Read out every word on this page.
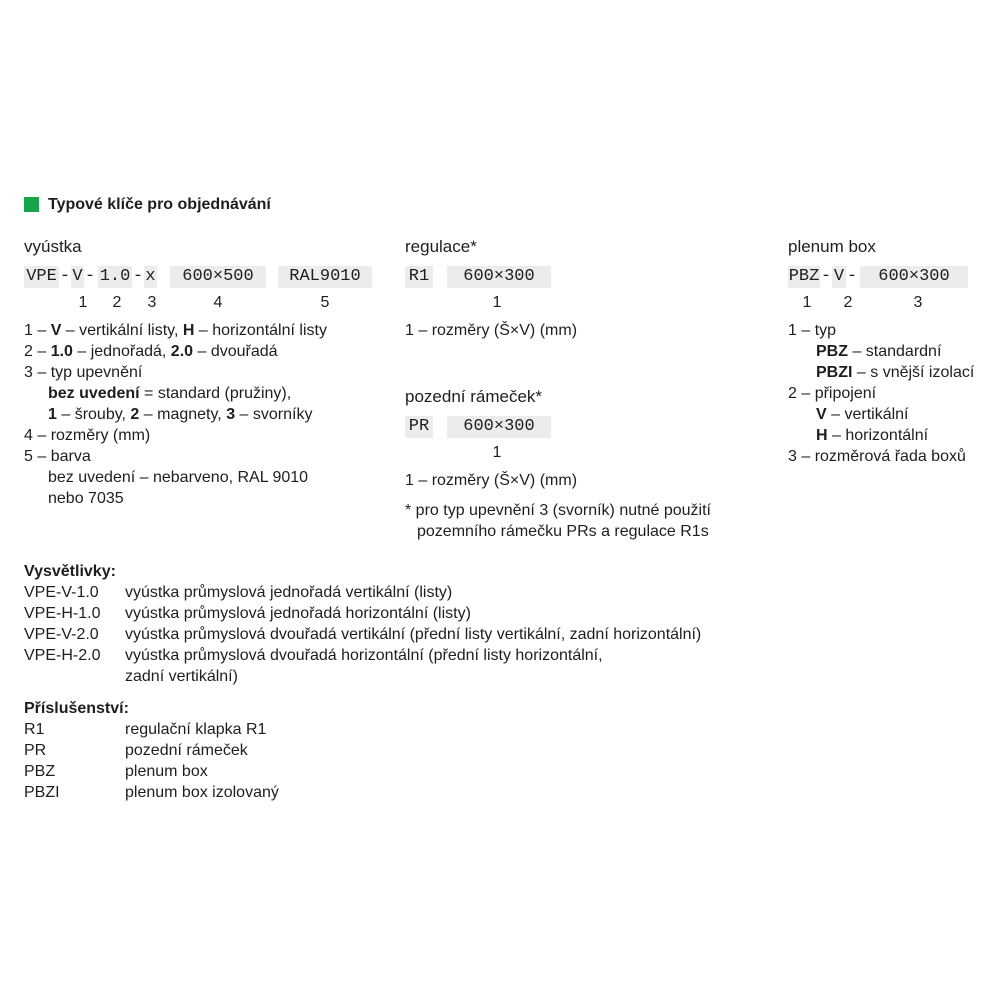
Typové klíče pro objednávání
vyústka
VPE - V - 1.0 - x	600×500	RAL9010
1 2 3	4	5
1 – V – vertikální listy, H – horizontální listy
2 – 1.0 – jednořadá, 2.0 – dvouřadá
3 – typ upevnění
bez uvedení = standard (pružiny),
1 – šrouby, 2 – magnety, 3 – svorníky
4 – rozměry (mm)
5 – barva
bez uvedení – nebarveno, RAL 9010
nebo 7035
regulace*
R1	600×300
1
1 – rozměry (Š×V) (mm)
pozední rámeček*
PR	600×300
1
1 – rozměry (Š×V) (mm)
* pro typ upevnění 3 (svorník) nutné použití
pozemního rámečku PRs a regulace R1s
plenum box
PBZ - V -	600×300
1 2	3
1 – typ
PBZ – standardní
PBZI – s vnější izolací
2 – připojení
V – vertikální
H – horizontální
3 – rozměrová řada boxů
Vysvětlivky:
VPE-V-1.0 vyústka průmyslová jednořadá vertikální (listy)
VPE-H-1.0 vyústka průmyslová jednořadá horizontální (listy)
VPE-V-2.0 vyústka průmyslová dvouřadá vertikální (přední listy vertikální, zadní horizontální)
VPE-H-2.0 vyústka průmyslová dvouřadá horizontální (přední listy horizontální,
zadní vertikální)
Příslušenství:
R1	regulační klapka R1
PR	pozední rámeček
PBZ	plenum box
PBZI	plenum box izolovaný
